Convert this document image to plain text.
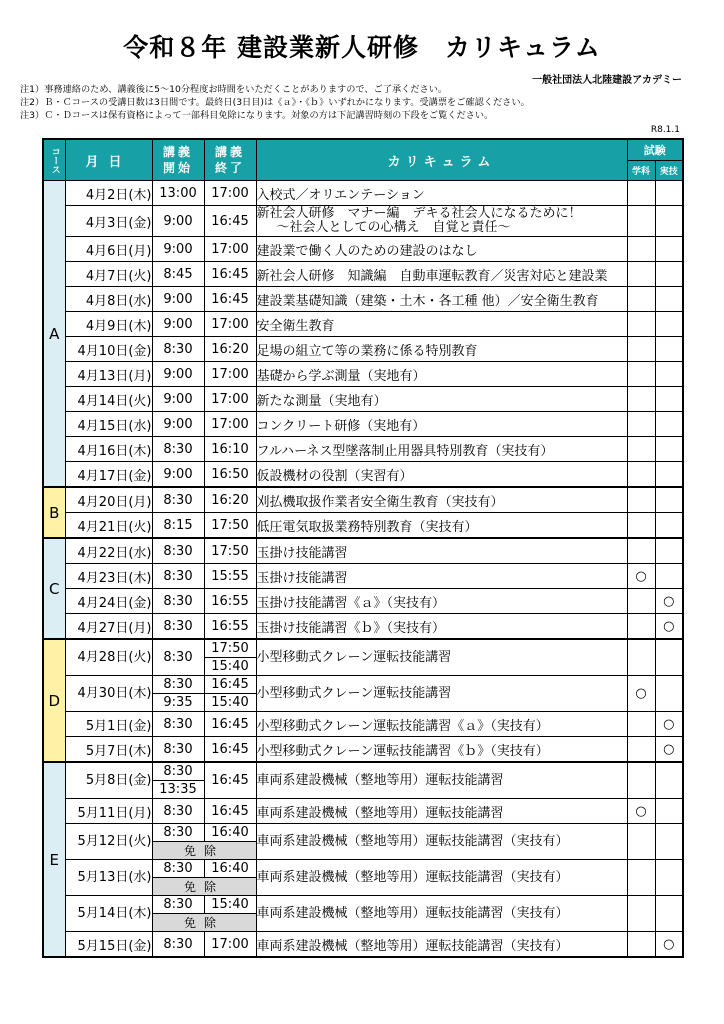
令和８年 建設業新人研修　カリキュラム
一般社団法人北陸建設アカデミー
注1）事務連絡のため、講義後に5～10分程度お時間をいただくことがありますので、ご了承ください。
注2）Ｂ・Ｃコースの受講日数は3日間です。最終日(3日目)は《ａ》・《ｂ》いずれかになります。受講票をご確認ください。
注3）Ｃ・Ｄコースは保有資格によって一部科目免除になります。対象の方は下記講習時刻の下段をご覧ください。
R8.1.1
コース	月日	講義開始	講義終了	カリキュラム	試験	
					学科	実技
A	4月2日(木)	13:00	17:00	入校式／オリエンテーション		
	4月3日(金)	9:00	16:45	新社会人研修　マナー編　デキる社会人になるために！
～社会人としての心構え　自覚と責任～		

	4月6日(月)	9:00	17:00	建設業で働く人のための建設のはなし		
	4月7日(火)	8:45	16:45	新社会人研修　知識編　自動車運転教育／災害対応と建設業		
	4月8日(水)	9:00	16:45	建設業基礎知識（建築・土木・各工種 他）／安全衛生教育		
	4月9日(木)	9:00	17:00	安全衛生教育		
	4月10日(金)	8:30	16:20	足場の組立て等の業務に係る特別教育		
	4月13日(月)	9:00	17:00	基礎から学ぶ測量（実地有）		
	4月14日(火)	9:00	17:00	新たな測量（実地有）		
	4月15日(水)	9:00	17:00	コンクリート研修（実地有）		
	4月16日(木)	8:30	16:10	フルハーネス型墜落制止用器具特別教育（実技有）		
	4月17日(金)	9:00	16:50	仮設機材の役割（実習有）		
B	4月20日(月)	8:30	16:20	刈払機取扱作業者安全衛生教育（実技有）		
	4月21日(火)	8:15	17:50	低圧電気取扱業務特別教育（実技有）		
C	4月22日(水)	8:30	17:50	玉掛け技能講習		
	4月23日(木)	8:30	15:55	玉掛け技能講習	○	
	4月24日(金)	8:30	16:55	玉掛け技能講習《ａ》（実技有）		○
	4月27日(月)	8:30	16:55	玉掛け技能講習《ｂ》（実技有）		○
D	4月28日(火)	8:30	17:50	小型移動式クレーン運転技能講習		
			15:40			
	4月30日(木)	8:30	16:45	小型移動式クレーン運転技能講習	○	
		9:35	15:40			
	5月1日(金)	8:30	16:45	小型移動式クレーン運転技能講習《ａ》（実技有）		○
	5月7日(木)	8:30	16:45	小型移動式クレーン運転技能講習《ｂ》（実技有）		○
E	5月8日(金)	8:30	16:45	車両系建設機械（整地等用）運転技能講習		
		13:35				
	5月11日(月)	8:30	16:45	車両系建設機械（整地等用）運転技能講習	○	
	5月12日(火)	8:30	16:40	車両系建設機械（整地等用）運転技能講習（実技有）		
		免除				
	5月13日(水)	8:30	16:40	車両系建設機械（整地等用）運転技能講習（実技有）		
		免除				
	5月14日(木)	8:30	15:40	車両系建設機械（整地等用）運転技能講習（実技有）		
		免除				
	5月15日(金)	8:30	17:00	車両系建設機械（整地等用）運転技能講習（実技有）		○
